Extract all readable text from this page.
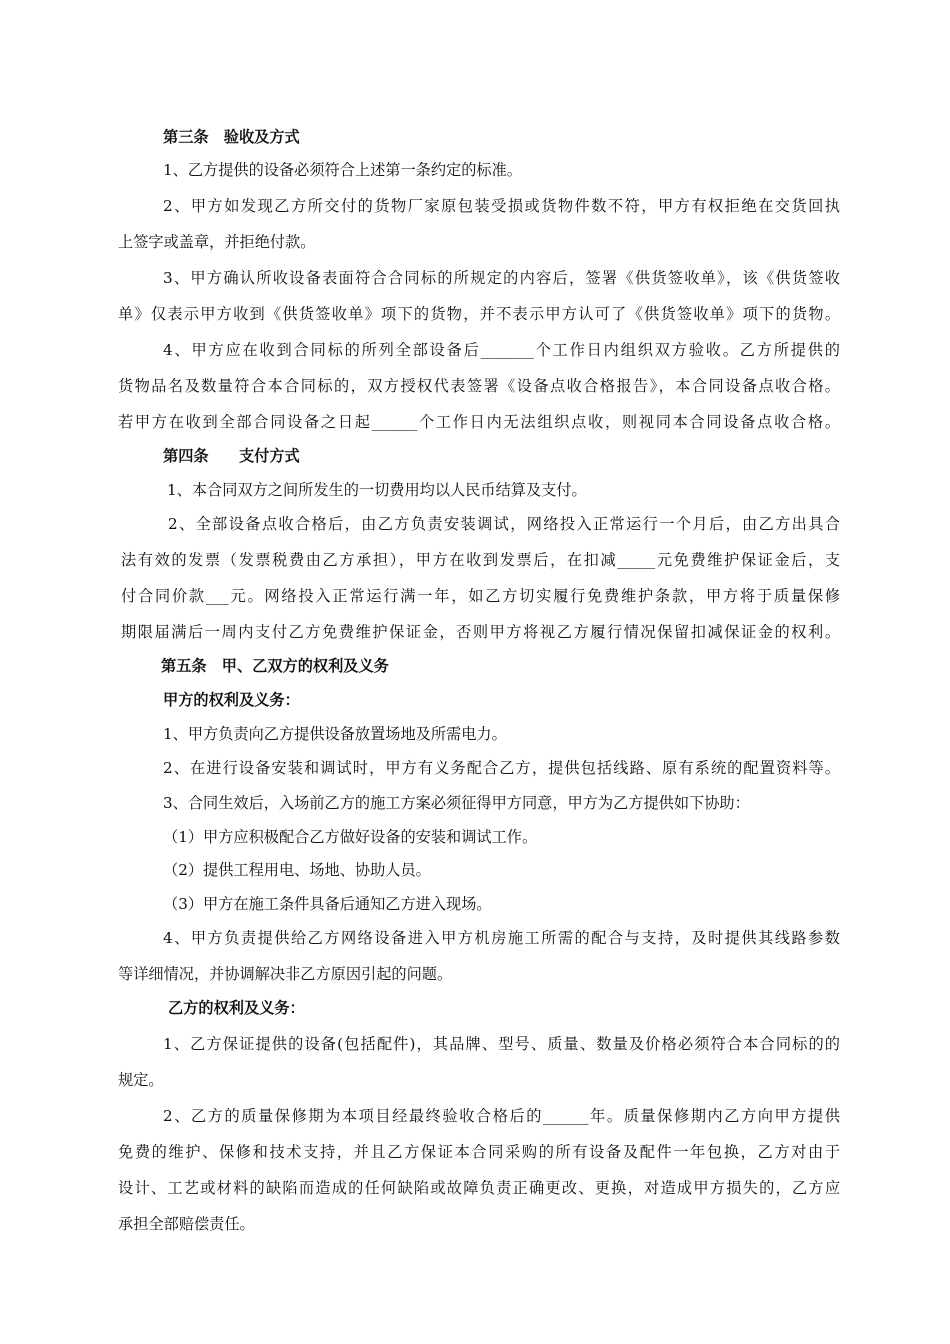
第三条　验收及方式
1、乙方提供的设备必须符合上述第一条约定的标准。
2、甲方如发现乙方所交付的货物厂家原包装受损或货物件数不符，甲方有权拒绝在交货回执
上签字或盖章，并拒绝付款。
3、甲方确认所收设备表面符合合同标的所规定的内容后，签署《供货签收单》，该《供货签收
单》仅表示甲方收到《供货签收单》项下的货物，并不表示甲方认可了《供货签收单》项下的货物。
4、甲方应在收到合同标的所列全部设备后_______个工作日内组织双方验收。乙方所提供的
货物品名及数量符合本合同标的，双方授权代表签署《设备点收合格报告》，本合同设备点收合格。
若甲方在收到全部合同设备之日起______个工作日内无法组织点收，则视同本合同设备点收合格。
第四条　　支付方式
1、本合同双方之间所发生的一切费用均以人民币结算及支付。
2、全部设备点收合格后，由乙方负责安装调试，网络投入正常运行一个月后，由乙方出具合
法有效的发票（发票税费由乙方承担），甲方在收到发票后，在扣减_____元免费维护保证金后，支
付合同价款___元。网络投入正常运行满一年，如乙方切实履行免费维护条款，甲方将于质量保修
期限届满后一周内支付乙方免费维护保证金，否则甲方将视乙方履行情况保留扣减保证金的权利。
第五条　甲、乙双方的权利及义务
甲方的权利及义务：
1、甲方负责向乙方提供设备放置场地及所需电力。
2、在进行设备安装和调试时，甲方有义务配合乙方，提供包括线路、原有系统的配置资料等。
3、合同生效后，入场前乙方的施工方案必须征得甲方同意，甲方为乙方提供如下协助：
（1）甲方应积极配合乙方做好设备的安装和调试工作。
（2）提供工程用电、场地、协助人员。
（3）甲方在施工条件具备后通知乙方进入现场。
4、甲方负责提供给乙方网络设备进入甲方机房施工所需的配合与支持，及时提供其线路参数
等详细情况，并协调解决非乙方原因引起的问题。
乙方的权利及义务：
1、乙方保证提供的设备(包括配件)，其品牌、型号、质量、数量及价格必须符合本合同标的的
规定。
2、乙方的质量保修期为本项目经最终验收合格后的______年。质量保修期内乙方向甲方提供
免费的维护、保修和技术支持，并且乙方保证本合同采购的所有设备及配件一年包换，乙方对由于
设计、工艺或材料的缺陷而造成的任何缺陷或故障负责正确更改、更换，对造成甲方损失的，乙方应
承担全部赔偿责任。
